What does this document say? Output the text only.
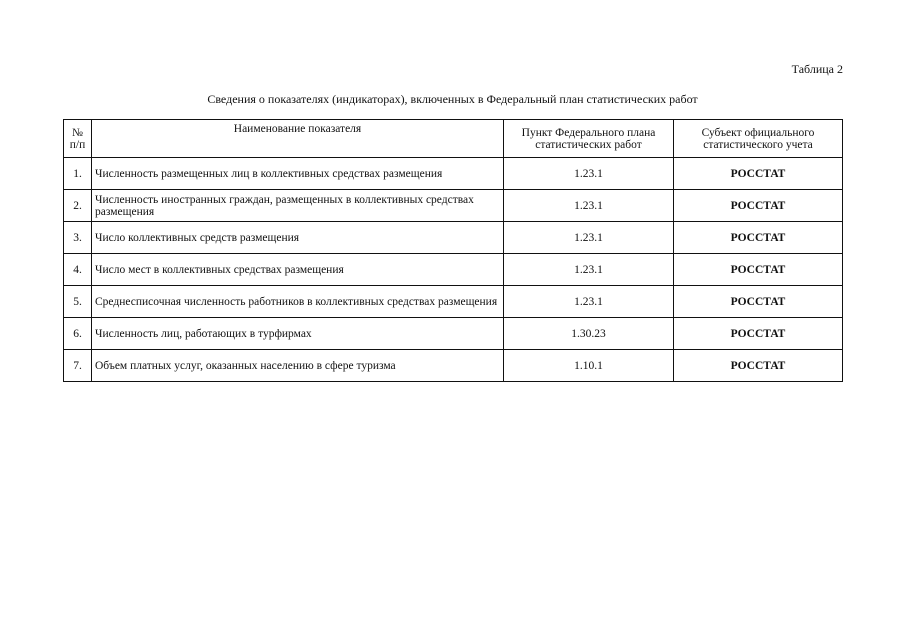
Таблица 2
Сведения о показателях (индикаторах), включенных в Федеральный план статистических работ
№ п/п	Наименование показателя	Пункт Федерального плана статистических работ	Субъект официального статистического учета
1.	Численность размещенных лиц в коллективных средствах размещения	1.23.1	РОССТАТ
2.	Численность иностранных граждан, размещенных в коллективных средствах размещения	1.23.1	РОССТАТ
3.	Число коллективных средств размещения	1.23.1	РОССТАТ
4.	Число мест в коллективных средствах размещения	1.23.1	РОССТАТ
5.	Среднесписочная численность работников в коллективных средствах размещения	1.23.1	РОССТАТ
6.	Численность лиц, работающих в турфирмах	1.30.23	РОССТАТ
7.	Объем платных услуг, оказанных населению в сфере туризма	1.10.1	РОССТАТ
